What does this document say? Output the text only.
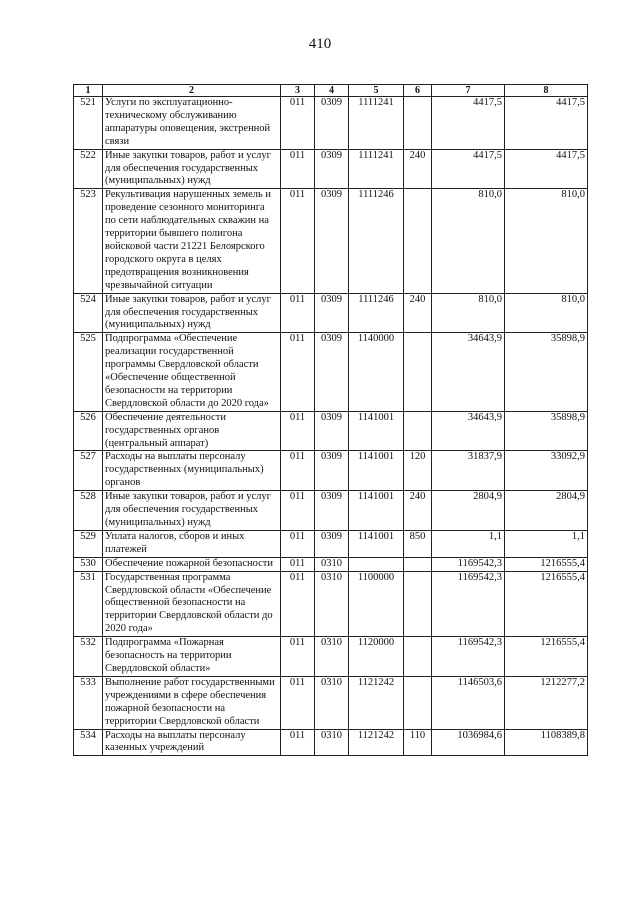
410
1	2	3	4	5	6	7	8
521	Услуги по эксплуатационно-техническому обслуживанию аппаратуры оповещения, экстренной связи	011	0309	1111241		4417,5	4417,5
522	Иные закупки товаров, работ и услуг для обеспечения государственных (муниципальных) нужд	011	0309	1111241	240	4417,5	4417,5
523	Рекультивация нарушенных земель и проведение сезонного мониторинга по сети наблюдательных скважин на территории бывшего полигона войсковой части 21221 Белоярского городского округа в целях предотвращения возникновения чрезвычайной ситуации	011	0309	1111246		810,0	810,0
524	Иные закупки товаров, работ и услуг для обеспечения государственных (муниципальных) нужд	011	0309	1111246	240	810,0	810,0
525	Подпрограмма «Обеспечение реализации государственной программы Свердловской области «Обеспечение общественной безопасности на территории Свердловской области до 2020 года»	011	0309	1140000		34643,9	35898,9
526	Обеспечение деятельности государственных органов (центральный аппарат)	011	0309	1141001		34643,9	35898,9
527	Расходы на выплаты персоналу государственных (муниципальных) органов	011	0309	1141001	120	31837,9	33092,9
528	Иные закупки товаров, работ и услуг для обеспечения государственных (муниципальных) нужд	011	0309	1141001	240	2804,9	2804,9
529	Уплата налогов, сборов и иных платежей	011	0309	1141001	850	1,1	1,1
530	Обеспечение пожарной безопасности	011	0310			1169542,3	1216555,4
531	Государственная программа Свердловской области «Обеспечение общественной безопасности на территории Свердловской области до 2020 года»	011	0310	1100000		1169542,3	1216555,4
532	Подпрограмма «Пожарная безопасность на территории Свердловской области»	011	0310	1120000		1169542,3	1216555,4
533	Выполнение работ государственными учреждениями в сфере обеспечения пожарной безопасности на территории Свердловской области	011	0310	1121242		1146503,6	1212277,2
534	Расходы на выплаты персоналу казенных учреждений	011	0310	1121242	110	1036984,6	1108389,8
